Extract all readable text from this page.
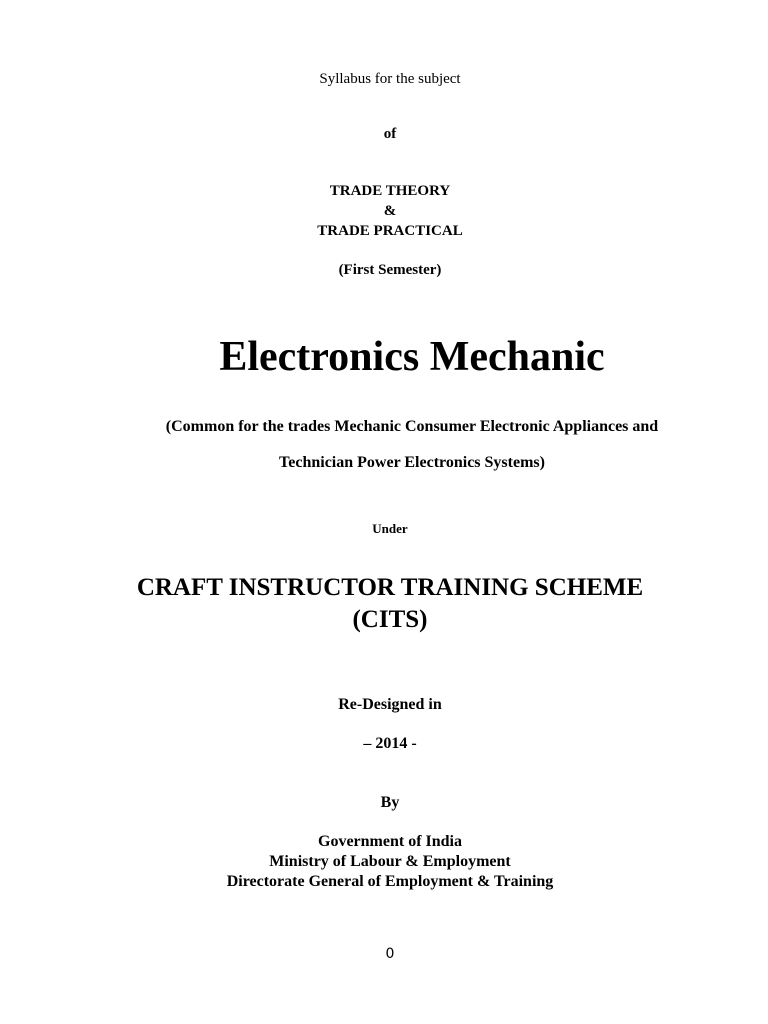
Syllabus for the subject
of
TRADE THEORY
&
TRADE PRACTICAL
(First Semester)
Electronics Mechanic
(Common for the trades Mechanic Consumer Electronic Appliances and
Technician Power Electronics Systems)
Under
CRAFT INSTRUCTOR TRAINING SCHEME
(CITS)
Re-Designed in
– 2014 -
By
Government of India
Ministry of Labour & Employment
Directorate General of Employment & Training
0
